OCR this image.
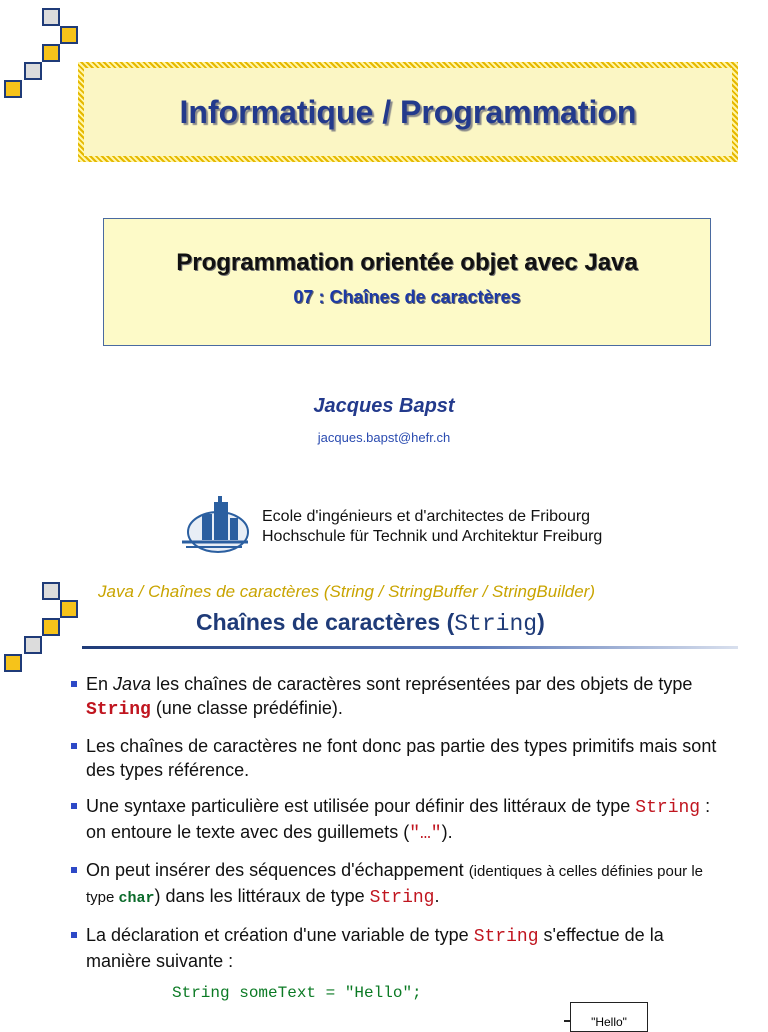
Informatique / Programmation
Programmation orientée objet avec Java
07 : Chaînes de caractères
Jacques Bapst
jacques.bapst@hefr.ch
Ecole d'ingénieurs et d'architectes de Fribourg
Hochschule für Technik und Architektur Freiburg
Java / Chaînes de caractères (String / StringBuffer / StringBuilder)
Chaînes de caractères (String)
En Java les chaînes de caractères sont représentées par des objets de type String (une classe prédéfinie).
Les chaînes de caractères ne font donc pas partie des types primitifs mais sont des types référence.
Une syntaxe particulière est utilisée pour définir des littéraux de type String : on entoure le texte avec des guillemets ("…").
On peut insérer des séquences d'échappement (identiques à celles définies pour le type char) dans les littéraux de type String.
La déclaration et création d'une variable de type String s'effectue de la manière suivante :
String someText = "Hello";
"Hello"
